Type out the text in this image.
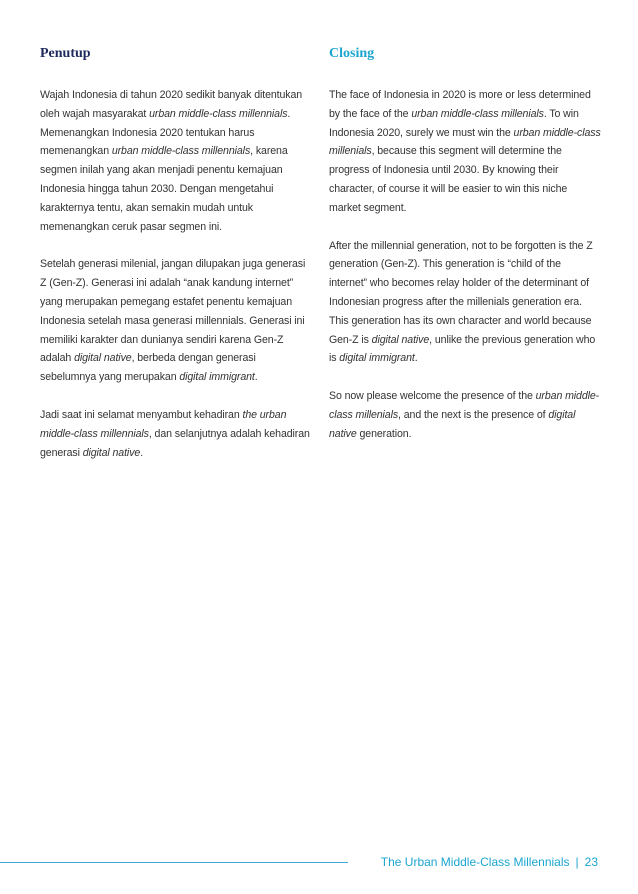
Penutup

Wajah Indonesia di tahun 2020 sedikit banyak ditentukan oleh wajah masyarakat urban middle-class millennials. Memenangkan Indonesia 2020 tentukan harus memenangkan urban middle-class millennials, karena segmen inilah yang akan menjadi penentu kemajuan Indonesia hingga tahun 2030. Dengan mengetahui karakternya tentu, akan semakin mudah untuk memenangkan ceruk pasar segmen ini.

Setelah generasi milenial, jangan dilupakan juga generasi Z (Gen-Z). Generasi ini adalah “anak kandung internet” yang merupakan pemegang estafet penentu kemajuan Indonesia setelah masa generasi millennials. Generasi ini memiliki karakter dan dunianya sendiri karena Gen-Z adalah digital native, berbeda dengan generasi sebelumnya yang merupakan digital immigrant.

Jadi saat ini selamat menyambut kehadiran the urban middle-class millennials, dan selanjutnya adalah kehadiran generasi digital native.

Closing

The face of Indonesia in 2020 is more or less determined by the face of the urban middle-class millenials. To win Indonesia 2020, surely we must win the urban middle-class millenials, because this segment will determine the progress of Indonesia until 2030. By knowing their character, of course it will be easier to win this niche market segment.

After the millennial generation, not to be forgotten is the Z generation (Gen-Z). This generation is “child of the internet” who becomes relay holder of the determinant of Indonesian progress after the millenials generation era. This generation has its own character and world because Gen-Z is digital native, unlike the previous generation who is digital immigrant.

So now please welcome the presence of the urban middle-class millenials, and the next is the presence of digital native generation.

The Urban Middle-Class Millennials | 23
